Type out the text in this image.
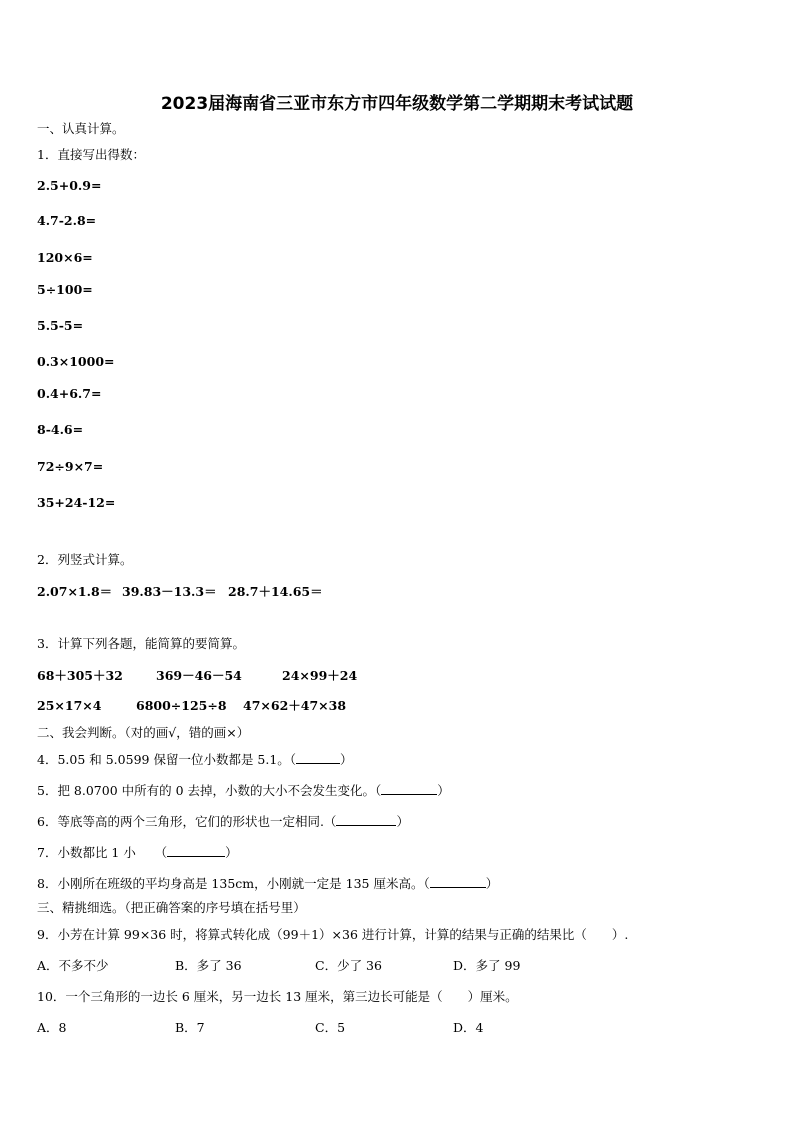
2023届海南省三亚市东方市四年级数学第二学期期末考试试题
一、认真计算。
1．直接写出得数：
2.5+0.9=
4.7-2.8=
120×6=
5÷100=
5.5-5=
0.3×1000=
0.4+6.7=
8-4.6=
72÷9×7=
35+24-12=
2．列竖式计算。
2.07×1.8＝ 39.83－13.3＝ 28.7＋14.65＝
3．计算下列各题，能简算的要简算。
68＋305＋32	369－46－54	24×99＋24
25×17×4	6800÷125÷8 47×62＋47×38
二、我会判断。（对的画√，错的画×）
4．5.05 和 5.0599 保留一位小数都是 5.1。（	）
5．把 8.0700 中所有的 0 去掉，小数的大小不会发生变化。（	）
6．等底等高的两个三角形，它们的形状也一定相同.（	）
7．小数都比 1 小　　（	）
8．小刚所在班级的平均身高是 135cm，小刚就一定是 135 厘米高。（	）
三、精挑细选。（把正确答案的序号填在括号里）
9．小芳在计算 99×36 时，将算式转化成（99＋1）×36 进行计算，计算的结果与正确的结果比（　　）.
A．不多不少	B．多了 36	C．少了 36	D．多了 99
10．一个三角形的一边长 6 厘米，另一边长 13 厘米，第三边长可能是（　　）厘米。
A．8	B．7	C．5	D．4
